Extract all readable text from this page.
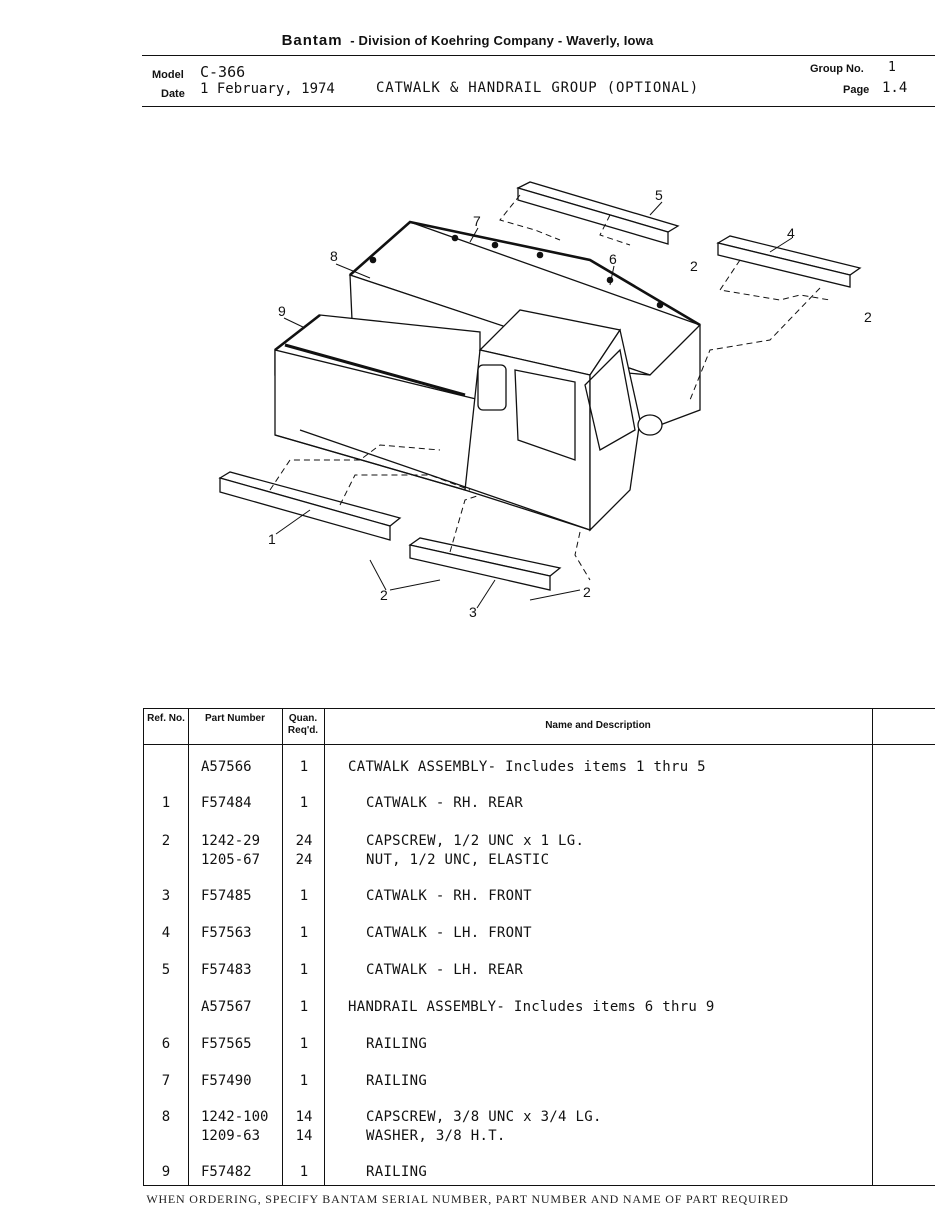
Bantam - Division of Koehring Company - Waverly, Iowa
Model C-366
Date 1 February, 1974	CATWALK & HANDRAIL GROUP (OPTIONAL)
Group No. 1
Page 1.4
1
2	2
2
2
3
4
5
6
7
8
9
Ref. No.	Part Number	Quan. Req'd.	Name and Description
A57566	1	CATWALK ASSEMBLY- Includes items 1 thru 5
1	F57484	1	CATWALK - RH. REAR
2	1242-29	24	CAPSCREW, 1/2 UNC x 1 LG.
1205-67	24	NUT, 1/2 UNC, ELASTIC
3	F57485	1	CATWALK - RH. FRONT
4	F57563	1	CATWALK - LH. FRONT
5	F57483	1	CATWALK - LH. REAR
A57567	1	HANDRAIL ASSEMBLY- Includes items 6 thru 9
6	F57565	1	RAILING
7	F57490	1	RAILING
8	1242-100	14	CAPSCREW, 3/8 UNC x 3/4 LG.
1209-63	14	WASHER, 3/8 H.T.
9	F57482	1	RAILING
WHEN ORDERING, SPECIFY BANTAM SERIAL NUMBER, PART NUMBER AND NAME OF PART REQUIRED
